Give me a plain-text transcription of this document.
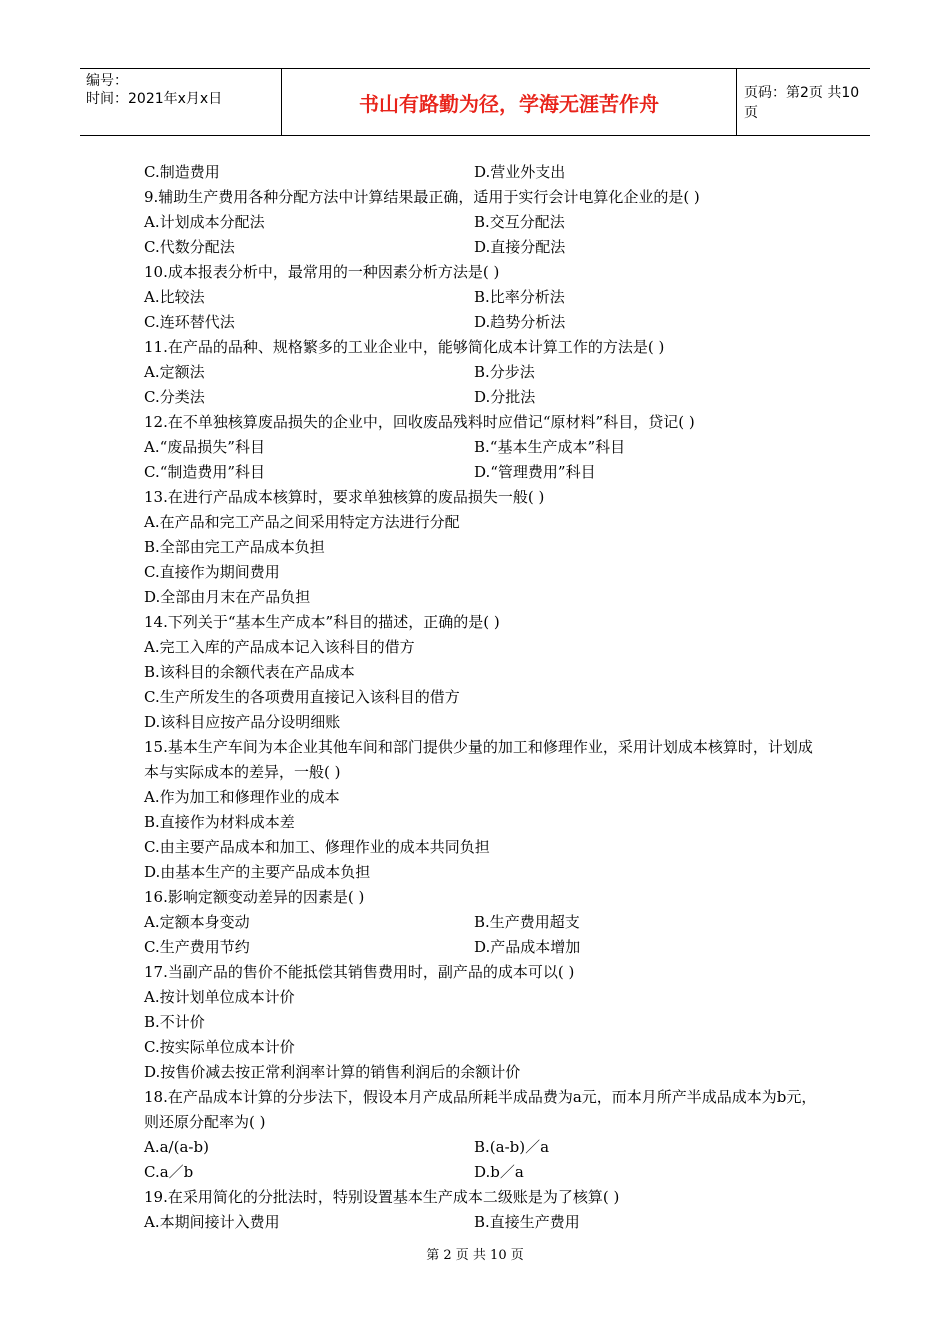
编号：
时间：2021年x月x日	书山有路勤为径，学海无涯苦作舟	页码：第2页 共10页
C.制造费用	D.营业外支出
9.辅助生产费用各种分配方法中计算结果最正确，适用于实行会计电算化企业的是( )
A.计划成本分配法	B.交互分配法
C.代数分配法	D.直接分配法
10.成本报表分析中，最常用的一种因素分析方法是( )
A.比较法	B.比率分析法
C.连环替代法	D.趋势分析法
11.在产品的品种、规格繁多的工业企业中，能够简化成本计算工作的方法是( )
A.定额法	B.分步法
C.分类法	D.分批法
12.在不单独核算废品损失的企业中，回收废品残料时应借记“原材料”科目，贷记( )
A.“废品损失”科目	B.“基本生产成本”科目
C.“制造费用”科目	D.“管理费用”科目
13.在进行产品成本核算时，要求单独核算的废品损失一般( )
A.在产品和完工产品之间采用特定方法进行分配
B.全部由完工产品成本负担
C.直接作为期间费用
D.全部由月末在产品负担
14.下列关于“基本生产成本”科目的描述，正确的是( )
A.完工入库的产品成本记入该科目的借方
B.该科目的余额代表在产品成本
C.生产所发生的各项费用直接记入该科目的借方
D.该科目应按产品分设明细账
15.基本生产车间为本企业其他车间和部门提供少量的加工和修理作业，采用计划成本核算时，计划成本与实际成本的差异，一般( )
A.作为加工和修理作业的成本
B.直接作为材料成本差
C.由主要产品成本和加工、修理作业的成本共同负担
D.由基本生产的主要产品成本负担
16.影响定额变动差异的因素是( )
A.定额本身变动	B.生产费用超支
C.生产费用节约	D.产品成本增加
17.当副产品的售价不能抵偿其销售费用时，副产品的成本可以( )
A.按计划单位成本计价
B.不计价
C.按实际单位成本计价
D.按售价减去按正常利润率计算的销售利润后的余额计价
18.在产品成本计算的分步法下，假设本月产成品所耗半成品费为a元，而本月所产半成品成本为b元，则还原分配率为( )
A.a/(a-b)	B.(a-b)／a
C.a／b	D.b／a
19.在采用简化的分批法时，特别设置基本生产成本二级账是为了核算( )
A.本期间接计入费用	B.直接生产费用
第 2 页 共 10 页
